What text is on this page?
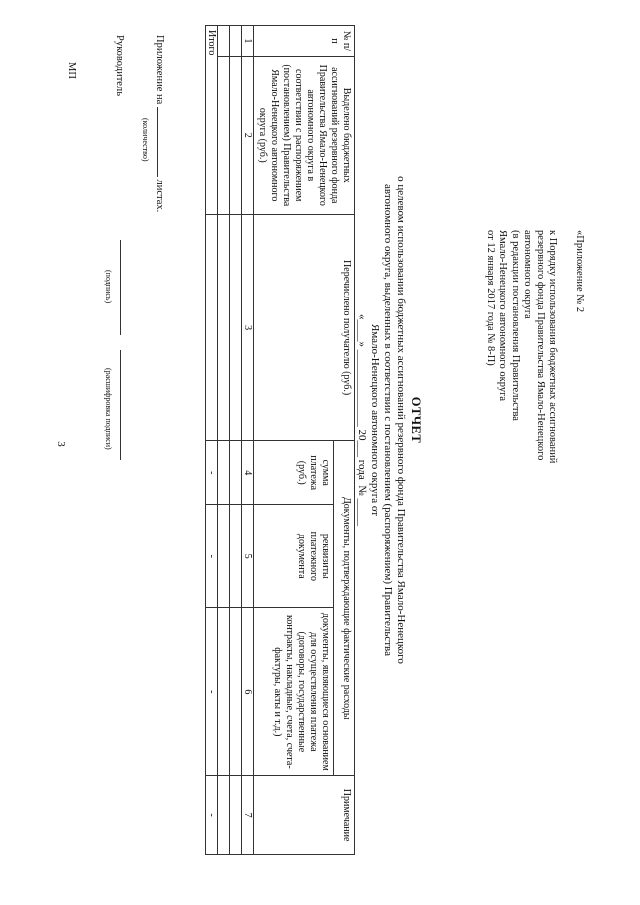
3
«Приложение № 2
к Порядку использования бюджетных ассигнований
резервного фонда Правительства Ямало-Ненецкого
автономного округа
(в редакции постановления Правительства
Ямало-Ненецкого автономного округа
от 12 января 2017 года № 8-П)
ОТЧЕТ
о целевом использовании бюджетных ассигнований резервного фонда Правительства Ямало-Ненецкого
автономного округа, выделенных в соответствии с постановлением (распоряжением) Правительства
Ямало-Ненецкого автономного округа от
«____» ______________ 20___ года  № _____
№ п/п	Выделено бюджетных ассигнований резервного фонда Правительства Ямало-Ненецкого автономного округа в соответствии с распоряжением (постановлением) Правительства Ямало-Ненецкого автономного округа (руб.)	Перечислено получателю (руб.)	Документы, подтверждающие фактические расходы			Примечание
			сумма платежа (руб.)	реквизиты платежного документа	документы, являющиеся основанием для осуществления платежа (договоры, государственные контракты, накладные, счета, счета-фактуры, акты и т.д.)	
1	2	3	4	5	6	7

Итого			-	-	-	-
Приложение на  листах.
(количество)
Руководитель
(подпись)
(расшифровка подписи)
МП
